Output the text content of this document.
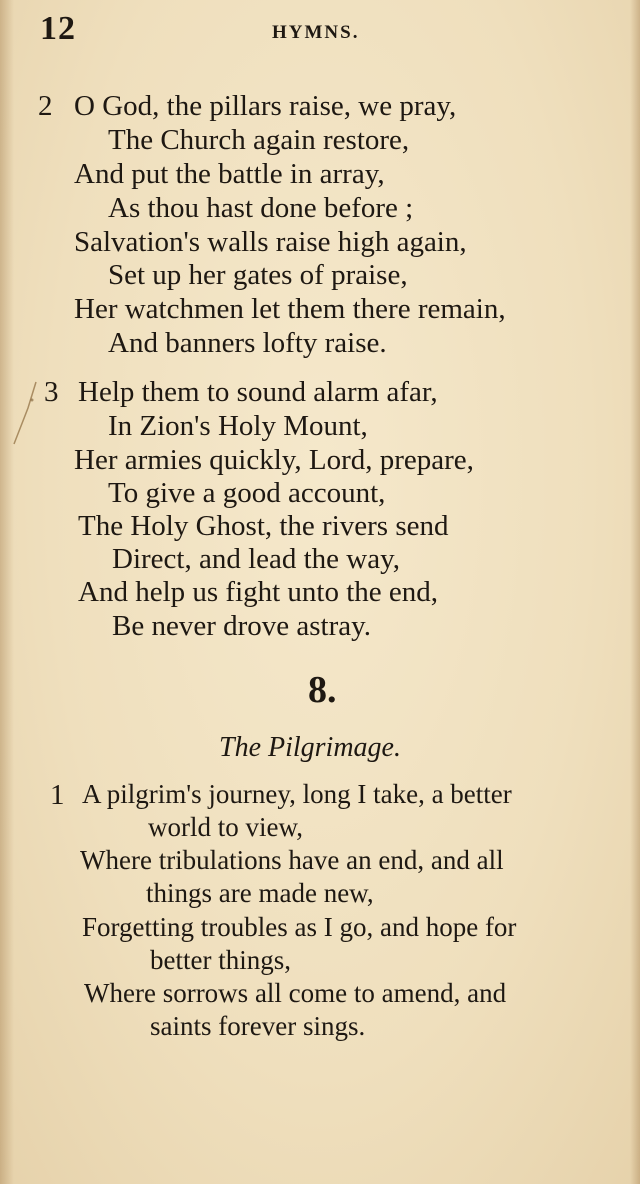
12	HYMNS.
2 O God, the pillars raise, we pray,
The Church again restore,
And put the battle in array,
As thou hast done before ;
Salvation's walls raise high again,
Set up her gates of praise,
Her watchmen let them there remain,
And banners lofty raise.
3 Help them to sound alarm afar,
In Zion's Holy Mount,
Her armies quickly, Lord, prepare,
To give a good account,
The Holy Ghost, the rivers send
Direct, and lead the way,
And help us fight unto the end,
Be never drove astray.
8.
The Pilgrimage.
1 A pilgrim's journey, long I take, a better
world to view,
Where tribulations have an end, and all
things are made new,
Forgetting troubles as I go, and hope for
better things,
Where sorrows all come to amend, and
saints forever sings.
